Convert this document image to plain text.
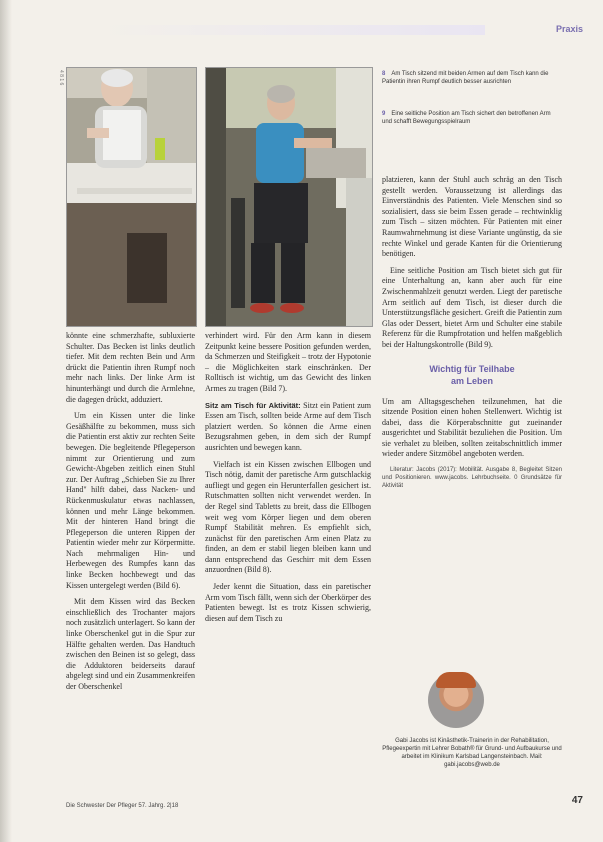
Praxis
4 8 1 6	8 Am Tisch sitzend mit beiden Armen auf dem Tisch kann die Patientin ihren Rumpf deutlich besser ausrichten
9 Eine seitliche Position am Tisch sichert den betroffenen Arm und schafft Bewegungsspielraum

könnte eine schmerzhafte, subluxierte Schulter. Das Becken ist links deutlich tiefer. Mit dem rechten Bein und Arm drückt die Patientin ihren Rumpf noch mehr nach links. Der linke Arm ist hinunterhängt und durch die Armlehne, die dagegen drückt, adduziert.

Um ein Kissen unter die linke Gesäßhälfte zu bekommen, muss sich die Patientin erst aktiv zur rechten Seite bewegen. Die begleitende Pflegeperson nimmt zur Orientierung und zum Gewicht-Abgeben zeitlich einen Stuhl zur. Der Auftrag „Schieben Sie zu Ihrer Hand" hilft dabei, dass Nacken- und Rückenmuskulatur etwas nachlassen, können und mehr Länge bekommen. Mit der hinteren Hand bringt die Pflegeperson die unteren Rippen der Patientin wieder mehr zur Körpermitte. Nach mehrmaligen Hin- und Herbewegen des Rumpfes kann das linke Becken hochbewegt und das Kissen untergelegt werden (Bild 6).

Mit dem Kissen wird das Becken einschließlich des Trochanter majors noch zusätzlich unterlagert. So kann der linke Oberschenkel gut in die Spur zur Hälfte gehalten werden. Das Handtuch zwischen den Beinen ist so gelegt, dass die Adduktoren beiderseits darauf abgelegt sind und ein Zusammenkreifen der Oberschenkel

verhindert wird. Für den Arm kann in diesem Zeitpunkt keine bessere Position gefunden werden, da Schmerzen und Steifigkeit – trotz der Hypotonie – die Möglichkeiten stark einschränken. Der Rolltisch ist wichtig, um das Gewicht des linken Armes zu tragen (Bild 7).

Sitz am Tisch für Aktivität: Sitzt ein Patient zum Essen am Tisch, sollten beide Arme auf dem Tisch platziert werden. So können die Arme einen Bezugsrahmen geben, in dem sich der Rumpf ausrichten und bewegen kann.

Vielfach ist ein Kissen zwischen Ellbogen und Tisch nötig, damit der paretische Arm gutschlackig aufliegt und gegen ein Herunterfallen gesichert ist. Rutschmatten sollten nicht verwendet werden. In der Regel sind Tabletts zu breit, dass die Ellbogen weit weg vom Körper liegen und dem oberen Rumpf Stabilität mehren. Es empfiehlt sich, zunächst für den paretischen Arm einen Platz zu finden, an dem er stabil liegen bleiben kann und dann entsprechend das Geschirr mit dem Essen anzuordnen (Bild 8).

Jeder kennt die Situation, dass ein paretischer Arm vom Tisch fällt, wenn sich der Oberkörper des Patienten bewegt. Ist es trotz Kissen schwierig, diesen auf dem Tisch zu

platzieren, kann der Stuhl auch schräg an den Tisch gestellt werden. Voraussetzung ist allerdings das Einverständnis des Patienten. Viele Menschen sind so sozialisiert, dass sie beim Essen gerade – rechtwinklig zum Tisch – sitzen möchten. Für Patienten mit einer Raumwahrnehmung ist diese Variante ungünstig, da sie rechte Winkel und gerade Kanten für die Orientierung benötigen.

Eine seitliche Position am Tisch bietet sich gut für eine Unterhaltung an, kann aber auch für eine Zwischenmahlzeit genutzt werden. Liegt der paretische Arm seitlich auf dem Tisch, ist dieser durch die Unterstützungsfläche gesichert. Greift die Patientin zum Glas oder Dessert, bietet Arm und Schulter eine stabile Referenz für die Rumpfrotation und helfen maßgeblich bei der Haltungskontrolle (Bild 9).

Wichtig für Teilhabe
am Leben

Um am Alltagsgeschehen teilzunehmen, hat die sitzende Position einen hohen Stellenwert. Wichtig ist dabei, dass die Körperabschnitte gut zueinander ausgerichtet und Stabilität bezuliehen die Position. Um sie verhalet zu bleiben, sollten zeitabschnittlich immer wieder andere Sitzmöbel angeboten werden.

Literatur: Jacobs (2017): Mobilität. Ausgabe 8, Begleitet Sitzen und Positionieren. www.jacobs. Lehrbuchseite. 0 Grundsätze für Aktivität

Gabi Jacobs ist Kinästhetik-Trainerin in der Rehabilitation, Pflegeexpertin mit Lehrer Bobath® für Grund- und Aufbaukurse und arbeitet im Klinikum Karlsbad Langensteinbach. Mail: gabi.jacobs@web.de
Die Schwester Der Pfleger 57. Jahrg. 2|18	47
